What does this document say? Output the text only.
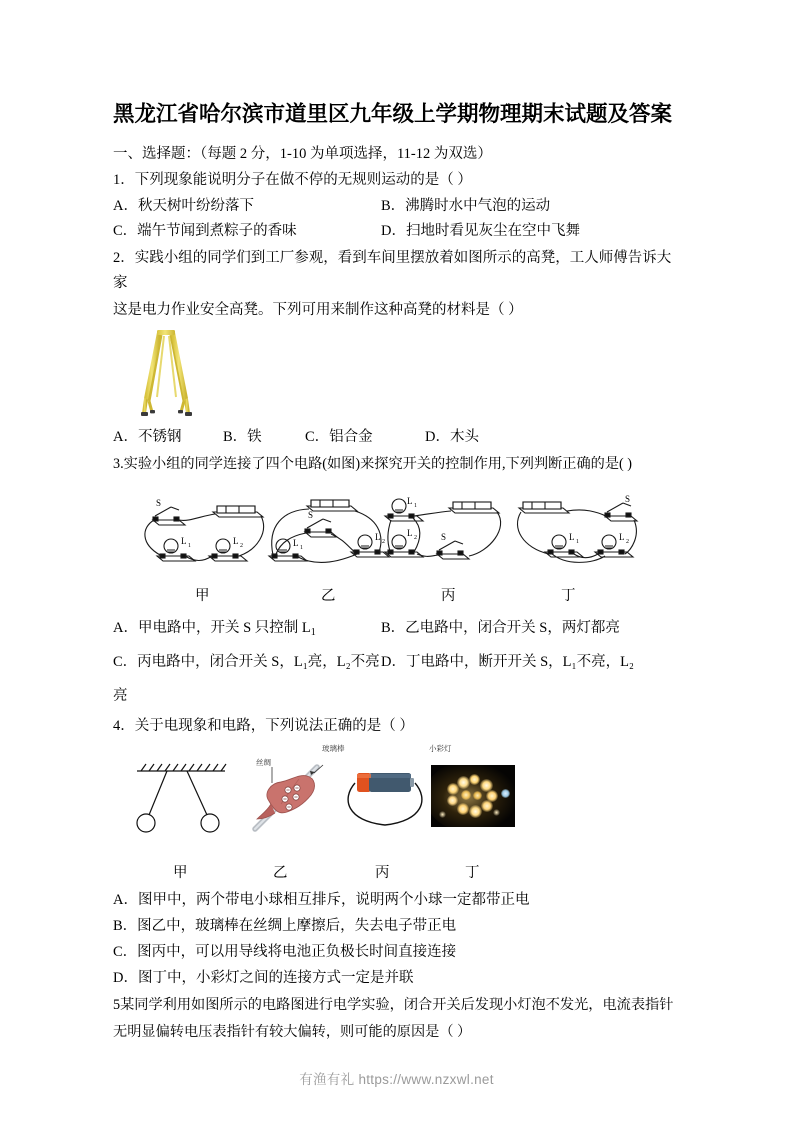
黑龙江省哈尔滨市道里区九年级上学期物理期末试题及答案
一、选择题：（每题 2 分，1-10 为单项选择，11-12 为双选）
1．下列现象能说明分子在做不停的无规则运动的是（ ）
A．秋天树叶纷纷落下	B．沸腾时水中气泡的运动
C．端午节闻到煮粽子的香味	D．扫地时看见灰尘在空中飞舞
2．实践小组的同学们到工厂参观，看到车间里摆放着如图所示的高凳，工人师傅告诉大家
这是电力作业安全高凳。下列可用来制作这种高凳的材料是（ ）
A．不锈钢	B．铁	C．铝合金	D．木头
3.实验小组的同学连接了四个电路(如图)来探究开关的控制作用,下列判断正确的是( )
L 1	L 2
S
L 1
L 2
S
L 1
L 2	S	L 1	L 2
S
甲	乙	丙	丁
A．甲电路中，开关 S 只控制 $L_1$	B．乙电路中，闭合开关 S，两灯都亮
C．丙电路中，闭合开关 S，L₁亮，L₂不亮 D．丁电路中，断开开关 S，L₁不亮，L₂
亮
4．关于电现象和电路，下列说法正确的是（ ）
丝绸
玻璃棒	小彩灯
甲	乙	丙	丁
A．图甲中，两个带电小球相互排斥，说明两个小球一定都带正电
B．图乙中，玻璃棒在丝绸上摩擦后，失去电子带正电
C．图丙中，可以用导线将电池正负极长时间直接连接
D．图丁中，小彩灯之间的连接方式一定是并联
5某同学利用如图所示的电路图进行电学实验，闭合开关后发现小灯泡不发光，电流表指针
无明显偏转电压表指针有较大偏转，则可能的原因是（ ）
有渔有礼 https://www.nzxwl.net
